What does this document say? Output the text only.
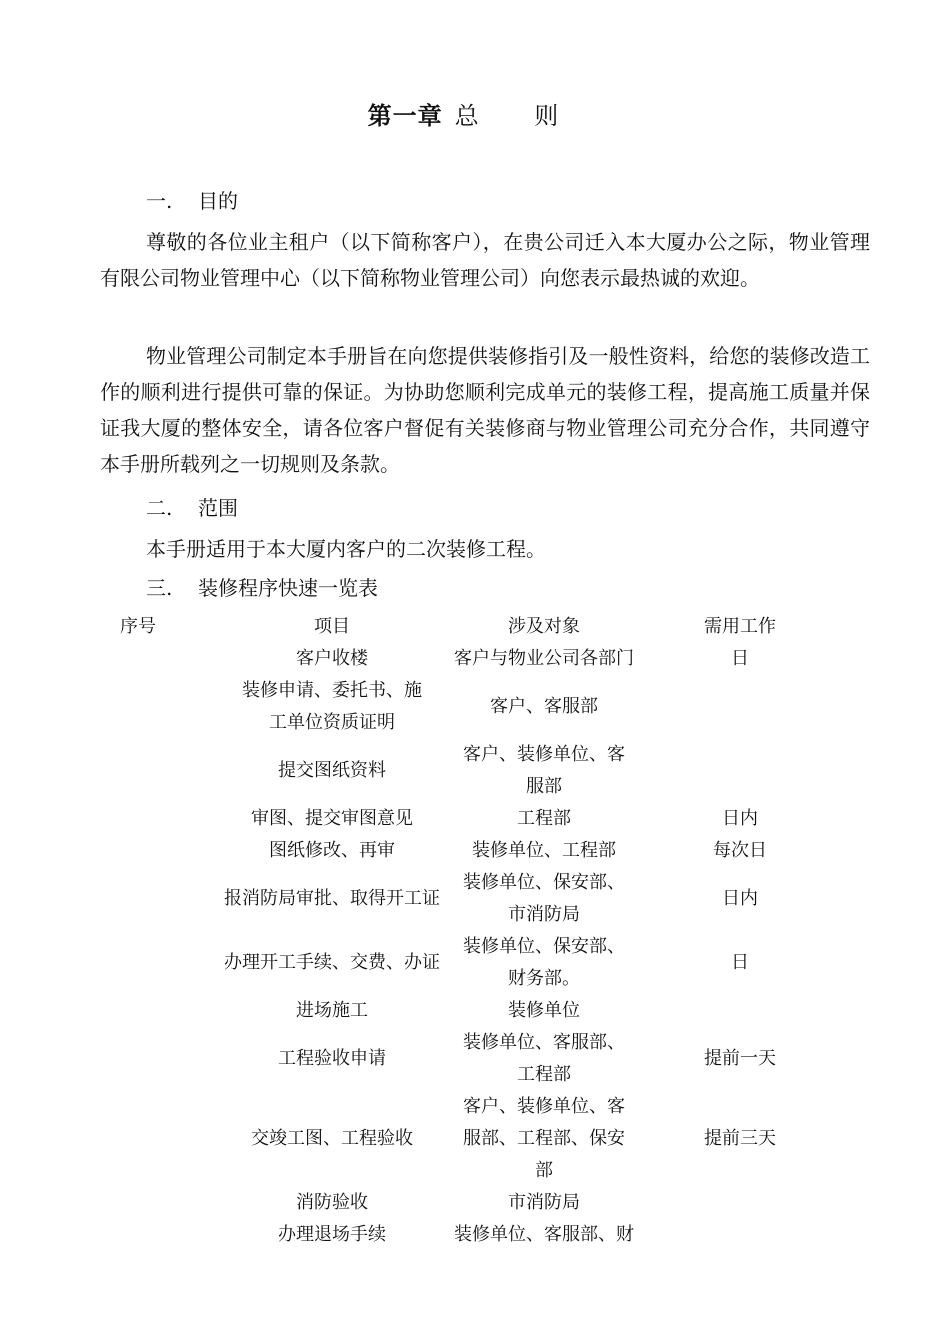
第一章 总 则

一. 目的

尊敬的各位业主租户（以下简称客户），在贵公司迁入本大厦办公之际，物业管理有限公司物业管理中心（以下简称物业管理公司）向您表示最热诚的欢迎。

物业管理公司制定本手册旨在向您提供装修指引及一般性资料，给您的装修改造工作的顺利进行提供可靠的保证。为协助您顺利完成单元的装修工程，提高施工质量并保证我大厦的整体安全，请各位客户督促有关装修商与物业管理公司充分合作，共同遵守本手册所载列之一切规则及条款。

二. 范围

本手册适用于本大厦内客户的二次装修工程。

三. 装修程序快速一览表

序号	项目	涉及对象	需用工作
	客户收楼	客户与物业公司各部门	日

	装修申请、委托书、施工单位资质证明	客户、客服部	
	提交图纸资料	客户、装修单位、客服部	

	审图、提交审图意见	工程部	日内
	图纸修改、再审	装修单位、工程部	每次日
	报消防局审批、取得开工证	装修单位、保安部、市消防局	日内
	办理开工手续、交费、办证	装修单位、保安部、财务部。	日
	进场施工	装修单位	
	工程验收申请	装修单位、客服部、工程部	提前一天
	交竣工图、工程验收	客户、装修单位、客服部、工程部、保安部	提前三天
	消防验收	市消防局	
	办理退场手续	装修单位、客服部、财	
